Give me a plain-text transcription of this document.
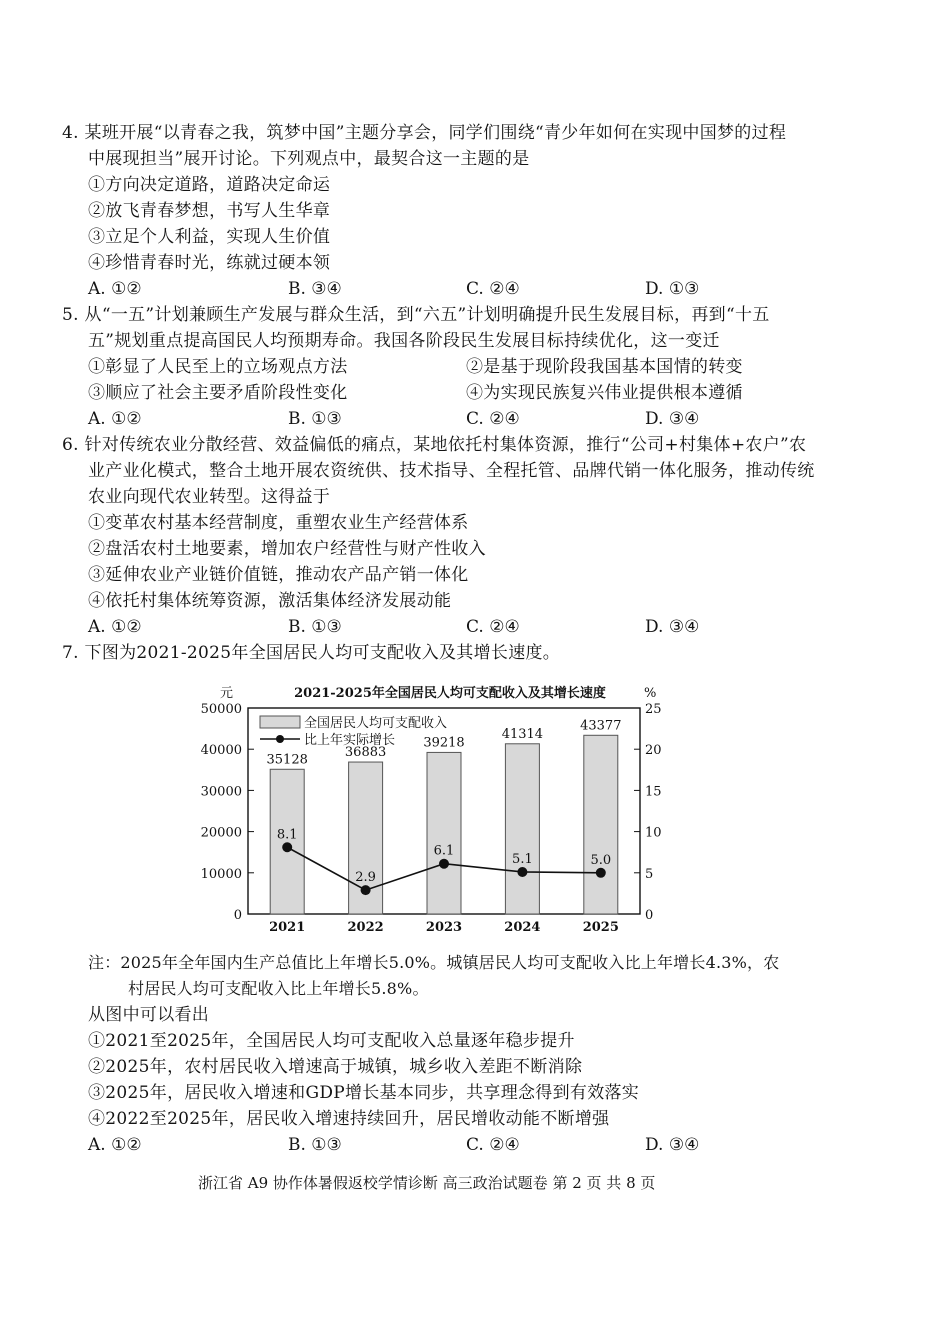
4. 某班开展“以青春之我，筑梦中国”主题分享会，同学们围绕“青少年如何在实现中国梦的过程
中展现担当”展开讨论。下列观点中，最契合这一主题的是
①方向决定道路，道路决定命运
②放飞青春梦想，书写人生华章
③立足个人利益，实现人生价值
④珍惜青春时光，练就过硬本领
A. ①②	B. ③④	C. ②④	D. ①③
5. 从“一五”计划兼顾生产发展与群众生活，到“六五”计划明确提升民生发展目标，再到“十五
五”规划重点提高国民人均预期寿命。我国各阶段民生发展目标持续优化，这一变迁
①彰显了人民至上的立场观点方法	②是基于现阶段我国基本国情的转变
③顺应了社会主要矛盾阶段性变化	④为实现民族复兴伟业提供根本遵循
A. ①②	B. ①③	C. ②④	D. ③④
6. 针对传统农业分散经营、效益偏低的痛点，某地依托村集体资源，推行“公司+村集体+农户”农
业产业化模式，整合土地开展农资统供、技术指导、全程托管、品牌代销一体化服务，推动传统
农业向现代农业转型。这得益于
①变革农村基本经营制度，重塑农业生产经营体系
②盘活农村土地要素，增加农户经营性与财产性收入
③延伸农业产业链价值链，推动农产品产销一体化
④依托村集体统筹资源，激活集体经济发展动能
A. ①②	B. ①③	C. ②④	D. ③④
7. 下图为2021-2025年全国居民人均可支配收入及其增长速度。
2021-2025年全国居民人均可支配收入及其增长速度
元	%
50000
40000
30000
20000
10000
0
25
20
15
10
5
0
全国居民人均可支配收入
比上年实际增长
35128
2021
36883
2022
39218
2023
41314
2024
43377
2025
8.1
2.9
6.1
5.1	5.0
注：2025年全年国内生产总值比上年增长5.0%。城镇居民人均可支配收入比上年增长4.3%，农
村居民人均可支配收入比上年增长5.8%。
从图中可以看出
①2021至2025年，全国居民人均可支配收入总量逐年稳步提升
②2025年，农村居民收入增速高于城镇，城乡收入差距不断消除
③2025年，居民收入增速和GDP增长基本同步，共享理念得到有效落实
④2022至2025年，居民收入增速持续回升，居民增收动能不断增强
A. ①②	B. ①③	C. ②④	D. ③④
浙江省 A9 协作体暑假返校学情诊断 高三政治试题卷 第 2 页 共 8 页
